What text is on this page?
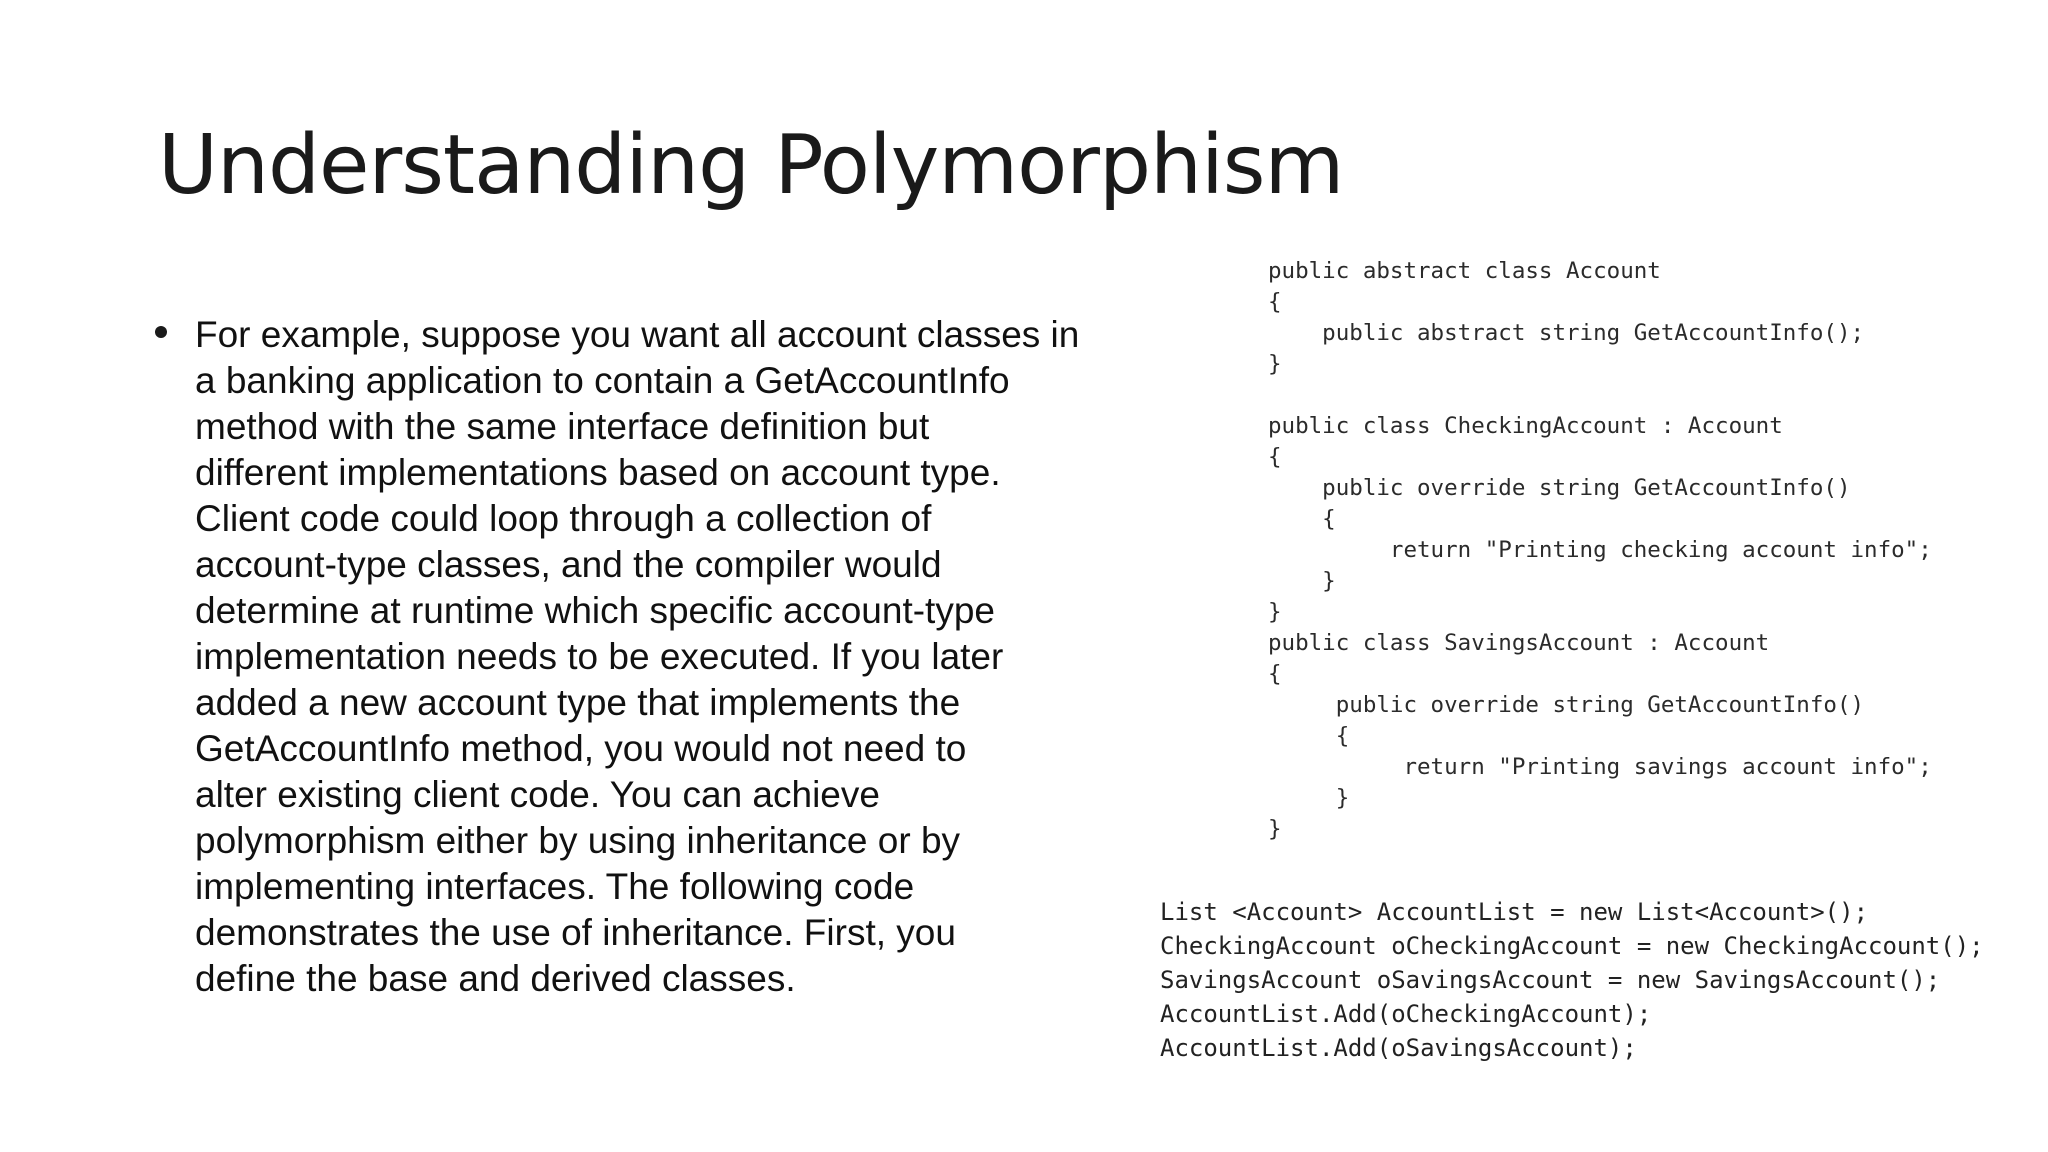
Understanding Polymorphism
For example, suppose you want all account classes in
a banking application to contain a GetAccountInfo
method with the same interface definition but
different implementations based on account type.
Client code could loop through a collection of
account-type classes, and the compiler would
determine at runtime which specific account-type
implementation needs to be executed. If you later
added a new account type that implements the
GetAccountInfo method, you would not need to
alter existing client code. You can achieve
polymorphism either by using inheritance or by
implementing interfaces. The following code
demonstrates the use of inheritance. First, you
define the base and derived classes.
public abstract class Account
{
public abstract string GetAccountInfo();
}
public class CheckingAccount : Account
{
public override string GetAccountInfo()
{
return "Printing checking account info";
}
}
public class SavingsAccount : Account
{
public override string GetAccountInfo()
{
return "Printing savings account info";
}
}
List <Account> AccountList = new List<Account>();
CheckingAccount oCheckingAccount = new CheckingAccount();
SavingsAccount oSavingsAccount = new SavingsAccount();
AccountList.Add(oCheckingAccount);
AccountList.Add(oSavingsAccount);
